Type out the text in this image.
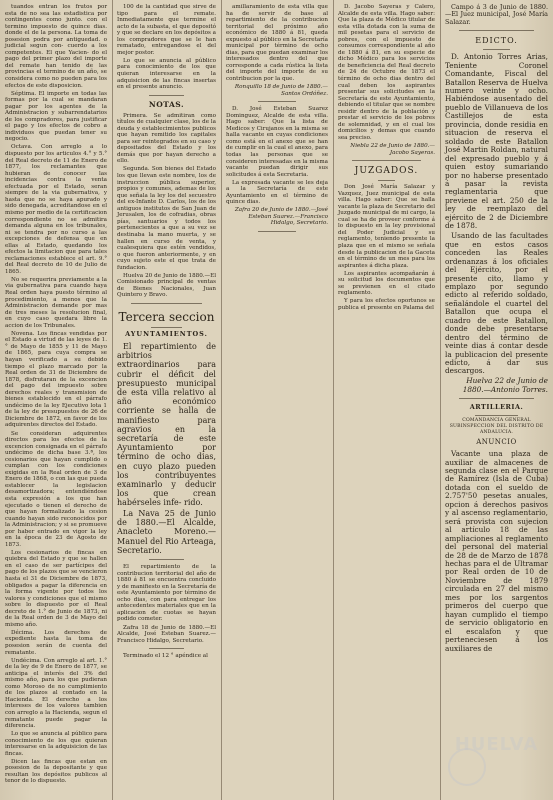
tuandos entran los frutos por esta de no sea las estadistica por contingentes como junto. con el termino impuesto de quince dias. donde el de la persona. La toma de posesion podra por antiguedad. o judicial segun con- cuerdo a los competentes. El que Yacien- do el pago del primer plazo del importe del remate han tenido de las provincias el termino de un año, se considera como no pueden para los efectos de este disposicion.

Séptima. El importe en todas las formas por la cual se mandaran pagar por los agentes de la Administracion y subarrendatarios de los compradores, para justificar el pago y los efectos de cobro a individuos que puedan tener su negocio.

Octava. Con arreglo a lo dispuesto por los articulos 4.° y 5.° del Real decreto de 11 de Enero de 1877, los reclamantes que hubieran de conocer las incidencias contra la venta efectuada por el Estado, seran siempre de la via gubernativa, y hasta que no se haya apurado y sido denegada, acreditandose en el mismo por medio de la certificacion correspondiente no se admitira demanda alguna en los tribunales, ni se tendra por no curso a las excepciones de defensa que en ellas al Estado, quedando los efectos la limitacion que para tales reclamaciones establece el art. 9.° del Real decreto de 10 de Julio de 1865.

No se requerira previamente a la via gubernativa para cuando haya Real orden haya puesto término al procedimiento, a menos que la Administracion demande por mas de tres meses la resolucion final, en cuyo caso quedara libre la accion de los Tribunales.

Novena. Los fincas vendidas por el Estado a virtud de las leyes de 1.° de Mayo de 1855 y 11 de Mayo de 1865, para cuya compra se hayan verificado a su debido tiempo el plazo marcado por la Real orden de 31 de Diciembre de 1878, disfrutaran de la excencion del pago del impuesto sobre derechos reales y transmision de bienes establecido en el párrafo undécimo de la ley Ejecutivo lota 1 de la ley de presupuestos de 26 de Diciembre de 1872, en favor de los adquirentes directos del Estado.

Se consideran adquirentes directos para los efectos de la excencion consignada en el párrafo undécimo de dicha base 3.ª, los cesionarios que hayan cumplido o cumplan con los condiciones exigidas en la Real orden de 3 de Enero de 1868, o con las que pueda establecer la legislacion desamortizadora; entendiéndose esta expresión a los que han ejecutado o tienen el derecho de que hayan formalizado la cesion cuando hayan sido reconocidos por la Administracion; y si se promueve por haber entrado en vigor la ley en la época de 23 de Agosto de 1873.

Los cesionarios de fincas en quiebra del Estado y que se hallen en el caso de ser partícipes del pago de los plazos que se vencieron hasta el 31 de Diciembre de 1873, obligados a pagar la diferencia en la forma vigente por todos los valores y condiciones que el mismo sobre lo dispuesto por el Real decreto de 1.° de Junio de 1873, ni de la Real orden de 3 de Mayo del mismo año.

Décima. Los derechos de expediente hasta la toma de posesion serán de cuenta del rematante.

Undécima. Con arreglo al art. 1.° de la ley de 9 de Enero de 1877, se anticipa el interés del 3% del mismo año, para los que pudieran como Moroso de no cumplimiento de los plazos al contado en la Hacienda. El derecho a los intereses de los valores tambien con arreglo a la Hacienda, segun el rematante puede pagar la diferencia.

Lo que se anuncia al público para conocimiento de los que quieran interesarse en la adquisicion de las fincas.

Dicen las fincas que estan en posesion de la depositante y que resultan los depósitos publicos al tenor de lo dispuesto.

100 de la cantidad que sirve de tipo para el remate. Inmediatamente que termine el acto de la subasta, el que depositó y que se declare en los depósitos a los compradores que se le han rematado, entregandose el del mejor postor.

Lo que se anuncia al público para conocimiento de los que quieran interesarse en la adquisicion de las fincas insertas en el presente anuncio.

NOTAS.

Primera. Se admitiran como títulos de cualquier clase, los de la deuda y establecimientos publicos que hayan remitido los capitales para ser reintegrados en su caso y depositados del Estado y los demás que por hayan derecho a ello.

Segunda. Son bienes del Estado los que llevan este nombre, los de instruccion pública superior, propios y comunes, ademas de los que señala la ley los del secuestro del ex-Infante D. Carlos, los de los antiguos institutos de San Juan de Jerusalen, los de cofradias, obras pías, santuarios y todos los pertenecientes a que a su vez se destinaba la mano muerta, y se hallen en curso de venta, y cualesquiera que estén vendidos, o que fueron anteriormente, y en cuyo sujeto este el que trata de fundacion.

Huelva 20 de Junio de 1880.—El Comisionado principal de ventas de Bienes Nacionales, Juan Quintero y Bravo.

Tercera seccion
AYUNTAMIENTOS.

El repartimiento de arbitrios extraordinarios para cubrir el déficit del presupuesto municipal de esta villa relativo al año económico corriente se halla de manifiesto para agravios en la secretaría de este Ayuntamiento por término de ocho dias, en cuyo plazo pueden los contribuyentes examinarlo y deducir los que crean habérseles infe- rido.

La Nava 25 de Junio de 1880.—El Alcalde, Anacleto Moreno.— Manuel del Rio Arteaga, Secretario.

El repartimiento de la contribucion territorial del año de 1880 á 81 se encuentra concluido y de manifiesto en la Secretaría de este Ayuntamiento por término de ocho dias, con para entregar los antecedentes materiales que en la aplicacion de cuotas se hayan podido cometer.

Zafra 18 de Junio de 1880.—El Alcalde, José Esteban Suarez.— Francisco Hidalgo, Secretario.

Terminado el 12 ° apéndice al

amillaramiento de esta villa que ha de servir de base al repartimiento de la contribucion territorial del próximo año económico de 1880 á 81, queda expuesto al público en la Secretaría municipal por término de ocho dias, para que puedan examinar los interesados dentro del que corresponde a cada rústica la lista del importe del importe de su contribucion por la que.

Ronquillo 18 de Junio de 1880.—Santos Ordóñez.

D. José Esteban Suarez Dominguez, Alcalde de esta villa. Hago saber: Que la lista de Medicos y Cirujanos en la misma se halla vacante en cuyas condiciones como está en el anexo que se han de cumplir en la cual el anexo, para todas las personas que se consideren interesadas en la misma vacante puedan dirigir sus solicitudes á esta Secretaria.

La expresada vacante se les deja a la Secretaría de este Ayuntamiento en el término de quince dias.

Zafra 20 de Junio de 1880.—José Esteban Suarez.—Francisco Hidalgo, Secretario.

D. Jacobo Sayeras y Calero, Alcalde de esta villa. Hago saber: Que la plaza de Médico titular de esta villa dotada con la suma de mil pesetas para el servicio de pobres, con el impuesto de consumos correspondiente al año de 1880 á 81, en su especie de dicho Médico para los servicios de beneficiencia del Real decreto de 24 de Octubre de 1873 el término de ocho dias dentro del cual deben los aspirantes presentar sus solicitudes en la Secretaría de este Ayuntamiento, debiendo el titular que se nombre residir dentro de la población y prestar el servicio de los pobres de solemnidad, y en el cual los domicilios y demas que cuando sea preciso.

Niebla 22 de Junio de 1880.—Jacobo Sayeras.

JUZGADOS.

Don José María Salazar y Vazquez, Juez municipal de esta villa. Hago saber: Que se halla vacante la plaza de Secretario del Juzgado municipal de mi cargo, la cual se ha de proveer conforme á lo dispuesto en la ley provisional del Poder Judicial y su reglamento, teniendo presente la plaza que en el mismo se señala desde la publicacion de la Gaceta en el término de un mes para los aspirantes á dicha plaza.

Los aspirantes acompañarán á su solicitud los documentos que se previenen en el citado reglamento.

Y para los efectos oportunos se publica el presente en Palama del

Campo á 3 de Junio de 1880.—El Juez municipal, José María Salazar.

EDICTO.

D. Antonio Torres Arias, Teniente Coronel Comandante, Fiscal del Batallon Reserva de Huelva numero veinte y ocho. Habiéndose ausentado del pueblo de Villanueva de los Castillejos de esta provincia, donde residia en situacion de reserva el soldado de este Batallon José Martin Roldan, natural del expresado pueblo y á quien estoy sumariando por no haberse presentado á pasar la revista reglamentaria que previene el art. 250 de la ley de reemplazo del ejército de 2 de Diciembre de 1878.

Usando de las facultades que en estos casos conceden las Reales ordenanzas á los oficiales del Ejército, por el presente cito, llamo y emplazo por segundo edicto al referido soldado, señalándole el cuartel del Batallon que ocupa el cuadro de este Batallon, donde debe presentarse dentro del término de veinte dias á contar desde la publicacion del presente edicto, á dar sus descargos.

Huelva 22 de Junio de 1880.—Antonio Torres.

ARTILLERIA.
COMANDANCIA GENERAL SUBINSPECCION DEL DISTRITO DE ANDALUCIA.
ANUNCIO

Vacante una plaza de auxiliar de almacenes de segunda clase en el Parque de Ramírez (Isla de Cuba) dotada con el sueldo de 2.757'50 pesetas anuales, opcion á derechos pasivos y al ascenso reglamentario, será provista con sujecion al artículo 18 de las ampliaciones al reglamento del personal del material de 28 de de Marzo de 1878 hechas para el de Ultramar por Real orden de 10 de Noviembre de 1879 circulada en 27 del mismo mes por los sargentos primeros del cuerpo que hayan cumplido el tiempo de servicio obligatorio en el escalafon y que perteneciesen á los auxiliares de

HUELVA
